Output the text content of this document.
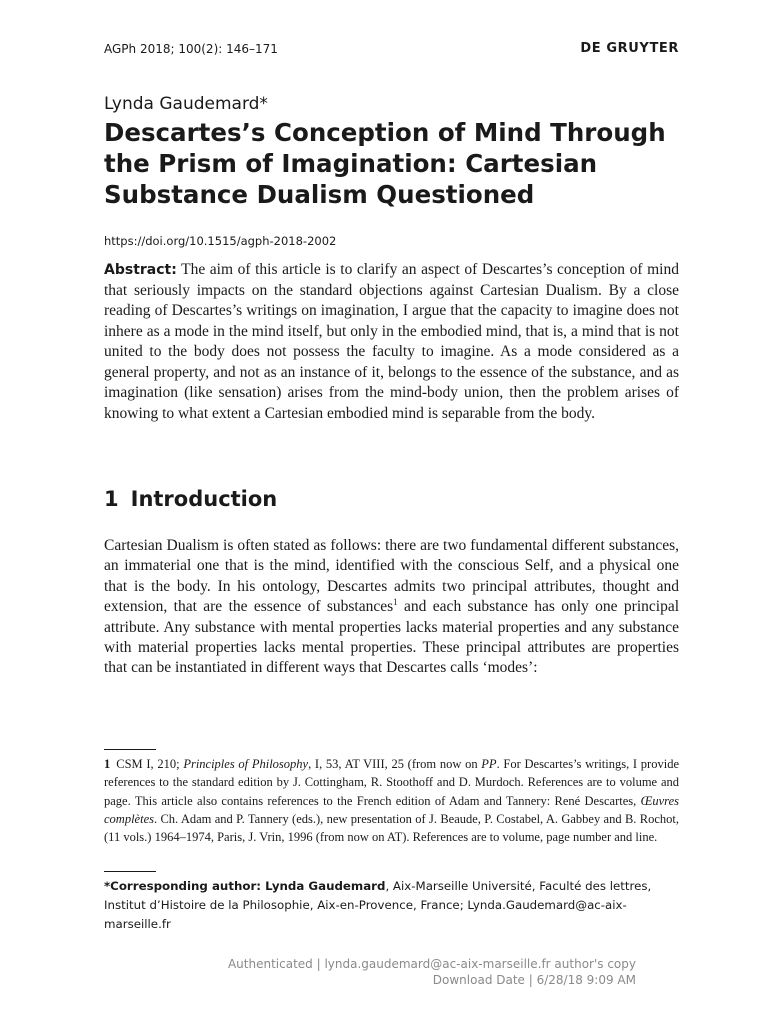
AGPh 2018; 100(2): 146–171	DE GRUYTER
Lynda Gaudemard*
Descartes’s Conception of Mind Through the Prism of Imagination: Cartesian Substance Dualism Questioned
https://doi.org/10.1515/agph-2018-2002

Abstract: The aim of this article is to clarify an aspect of Descartes’s conception of mind that seriously impacts on the standard objections against Cartesian Dualism. By a close reading of Descartes’s writings on imagination, I argue that the capacity to imagine does not inhere as a mode in the mind itself, but only in the embodied mind, that is, a mind that is not united to the body does not possess the faculty to imagine. As a mode considered as a general property, and not as an instance of it, belongs to the essence of the substance, and as imagination (like sensation) arises from the mind-body union, then the problem arises of knowing to what extent a Cartesian embodied mind is separable from the body.

1 Introduction

Cartesian Dualism is often stated as follows: there are two fundamental different substances, an immaterial one that is the mind, identified with the conscious Self, and a physical one that is the body. In his ontology, Descartes admits two principal attributes, thought and extension, that are the essence of substances$^1$ and each substance has only one principal attribute. Any substance with mental properties lacks material properties and any substance with material properties lacks mental properties. These principal attributes are properties that can be instantiated in different ways that Descartes calls ‘modes’:

1 CSM I, 210; Principles of Philosophy, I, 53, AT VIII, 25 (from now on PP. For Descartes’s writings, I provide references to the standard edition by J. Cottingham, R. Stoothoff and D. Murdoch. References are to volume and page. This article also contains references to the French edition of Adam and Tannery: René Descartes, Œuvres complètes. Ch. Adam and P. Tannery (eds.), new presentation of J. Beaude, P. Costabel, A. Gabbey and B. Rochot, (11 vols.) 1964–1974, Paris, J. Vrin, 1996 (from now on AT). References are to volume, page number and line.

*Corresponding author: Lynda Gaudemard, Aix-Marseille Université, Faculté des lettres, Institut d’Histoire de la Philosophie, Aix-en-Provence, France; Lynda.Gaudemard@ac-aix-marseille.fr

Authenticated | lynda.gaudemard@ac-aix-marseille.fr author's copy
Download Date | 6/28/18 9:09 AM
